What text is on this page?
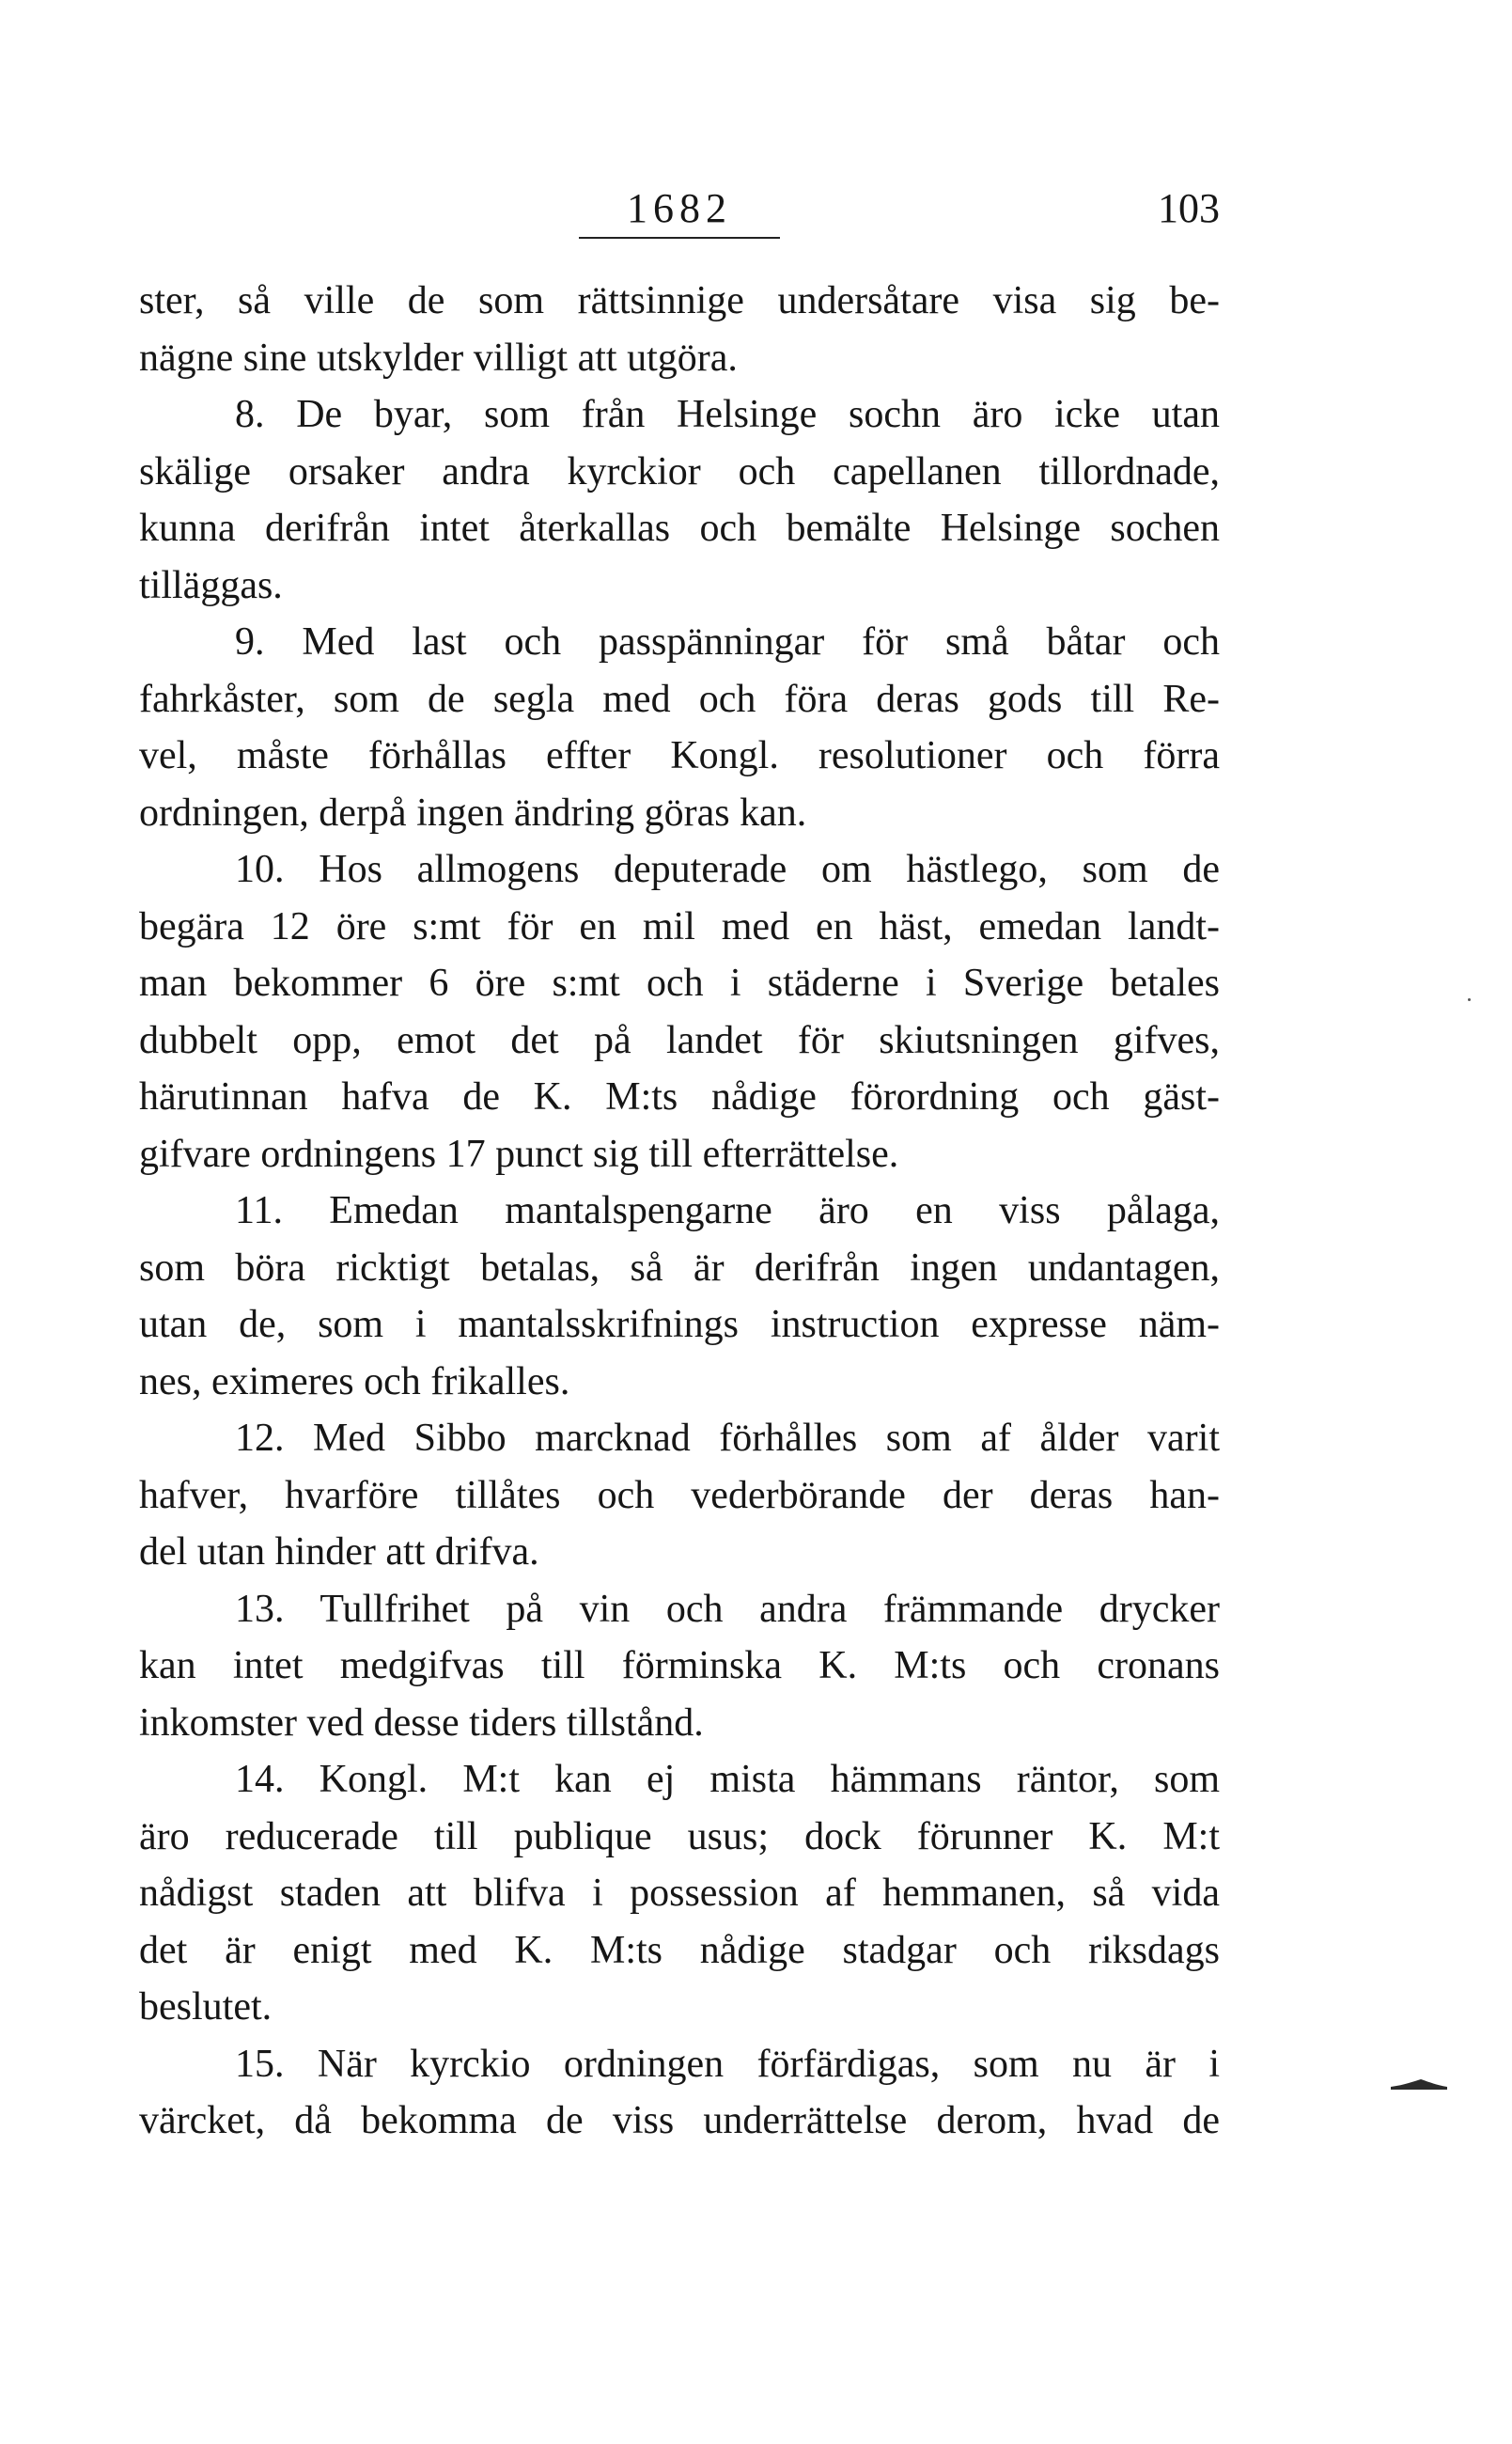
1682	103
ster, så ville de som rättsinnige undersåtare visa sig be-
nägne sine utskylder villigt att utgöra.
8. De byar, som från Helsinge sochn äro icke utan
skälige orsaker andra kyrckior och capellanen tillordnade,
kunna derifrån intet återkallas och bemälte Helsinge sochen
tilläggas.
9. Med last och passpänningar för små båtar och
fahrkåster, som de segla med och föra deras gods till Re-
vel, måste förhållas effter Kongl. resolutioner och förra
ordningen, derpå ingen ändring göras kan.
10. Hos allmogens deputerade om hästlego, som de
begära 12 öre s:mt för en mil med en häst, emedan landt-
man bekommer 6 öre s:mt och i städerne i Sverige betales
dubbelt opp, emot det på landet för skiutsningen gifves,
härutinnan hafva de K. M:ts nådige förordning och gäst-
gifvare ordningens 17 punct sig till efterrättelse.
11. Emedan mantalspengarne äro en viss pålaga,
som böra ricktigt betalas, så är derifrån ingen undantagen,
utan de, som i mantalsskrifnings instruction expresse näm-
nes, eximeres och frikalles.
12. Med Sibbo marcknad förhålles som af ålder varit
hafver, hvarföre tillåtes och vederbörande der deras han-
del utan hinder att drifva.
13. Tullfrihet på vin och andra främmande drycker
kan intet medgifvas till förminska K. M:ts och cronans
inkomster ved desse tiders tillstånd.
14. Kongl. M:t kan ej mista hämmans räntor, som
äro reducerade till publique usus; dock förunner K. M:t
nådigst staden att blifva i possession af hemmanen, så vida
det är enigt med K. M:ts nådige stadgar och riksdags
beslutet.
15. När kyrckio ordningen förfärdigas, som nu är i
värcket, då bekomma de viss underrättelse derom, hvad de
